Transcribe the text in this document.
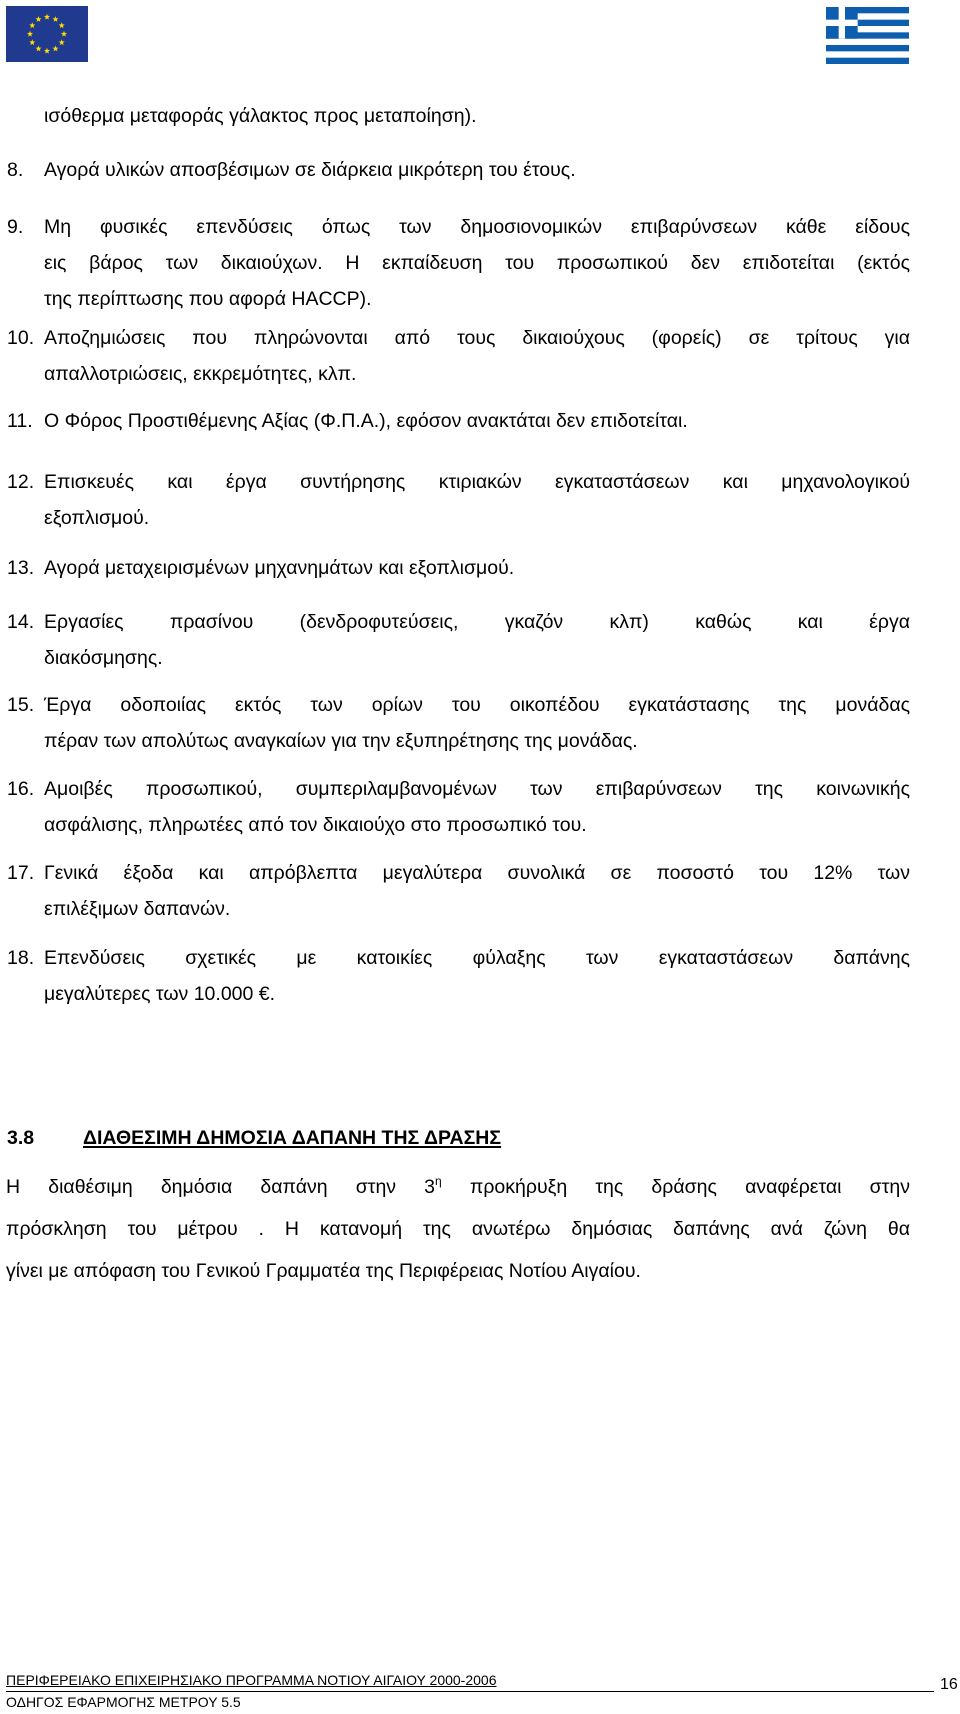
ισόθερμα μεταφοράς γάλακτος προς μεταποίηση).
8. Αγορά υλικών αποσβέσιμων σε διάρκεια μικρότερη του έτους.
9. Μη φυσικές επενδύσεις όπως των δημοσιονομικών επιβαρύνσεων κάθε είδους
εις βάρος των δικαιούχων. Η εκπαίδευση του προσωπικού δεν επιδοτείται (εκτός
της περίπτωσης που αφορά HACCP).
10. Αποζημιώσεις που πληρώνονται από τους δικαιούχους (φορείς) σε τρίτους για
απαλλοτριώσεις, εκκρεμότητες, κλπ.
11. Ο Φόρος Προστιθέμενης Αξίας (Φ.Π.Α.), εφόσον ανακτάται δεν επιδοτείται.
12. Επισκευές και έργα συντήρησης κτιριακών εγκαταστάσεων και μηχανολογικού
εξοπλισμού.
13. Αγορά μεταχειρισμένων μηχανημάτων και εξοπλισμού.
14. Εργασίες πρασίνου (δενδροφυτεύσεις, γκαζόν κλπ) καθώς και έργα
διακόσμησης.
15. Έργα οδοποιίας εκτός των ορίων του οικοπέδου εγκατάστασης της μονάδας
πέραν των απολύτως αναγκαίων για την εξυπηρέτησης της μονάδας.
16. Αμοιβές προσωπικού, συμπεριλαμβανομένων των επιβαρύνσεων της κοινωνικής
ασφάλισης, πληρωτέες από τον δικαιούχο στο προσωπικό του.
17. Γενικά έξοδα και απρόβλεπτα μεγαλύτερα συνολικά σε ποσοστό του 12% των
επιλέξιμων δαπανών.
18. Επενδύσεις σχετικές με κατοικίες φύλαξης των εγκαταστάσεων δαπάνης
μεγαλύτερες των 10.000 €.
3.8	ΔΙΑΘΕΣΙΜΗ ΔΗΜΟΣΙΑ ΔΑΠΑΝΗ ΤΗΣ ΔΡΑΣΗΣ
Η διαθέσιμη δημόσια δαπάνη στην $3^\eta$ προκήρυξη της δράσης αναφέρεται στην
πρόσκληση του μέτρου . Η κατανομή της ανωτέρω δημόσιας δαπάνης ανά ζώνη θα
γίνει με απόφαση του Γενικού Γραμματέα της Περιφέρειας Νοτίου Αιγαίου.
ΠΕΡΙΦΕΡΕΙΑΚΟ ΕΠΙΧΕΙΡΗΣΙΑΚΟ ΠΡΟΓΡΑΜΜΑ ΝΟΤΙΟΥ ΑΙΓΑΙΟΥ 2000-2006
ΟΔΗΓΟΣ ΕΦΑΡΜΟΓΗΣ ΜΕΤΡΟΥ 5.5
16
